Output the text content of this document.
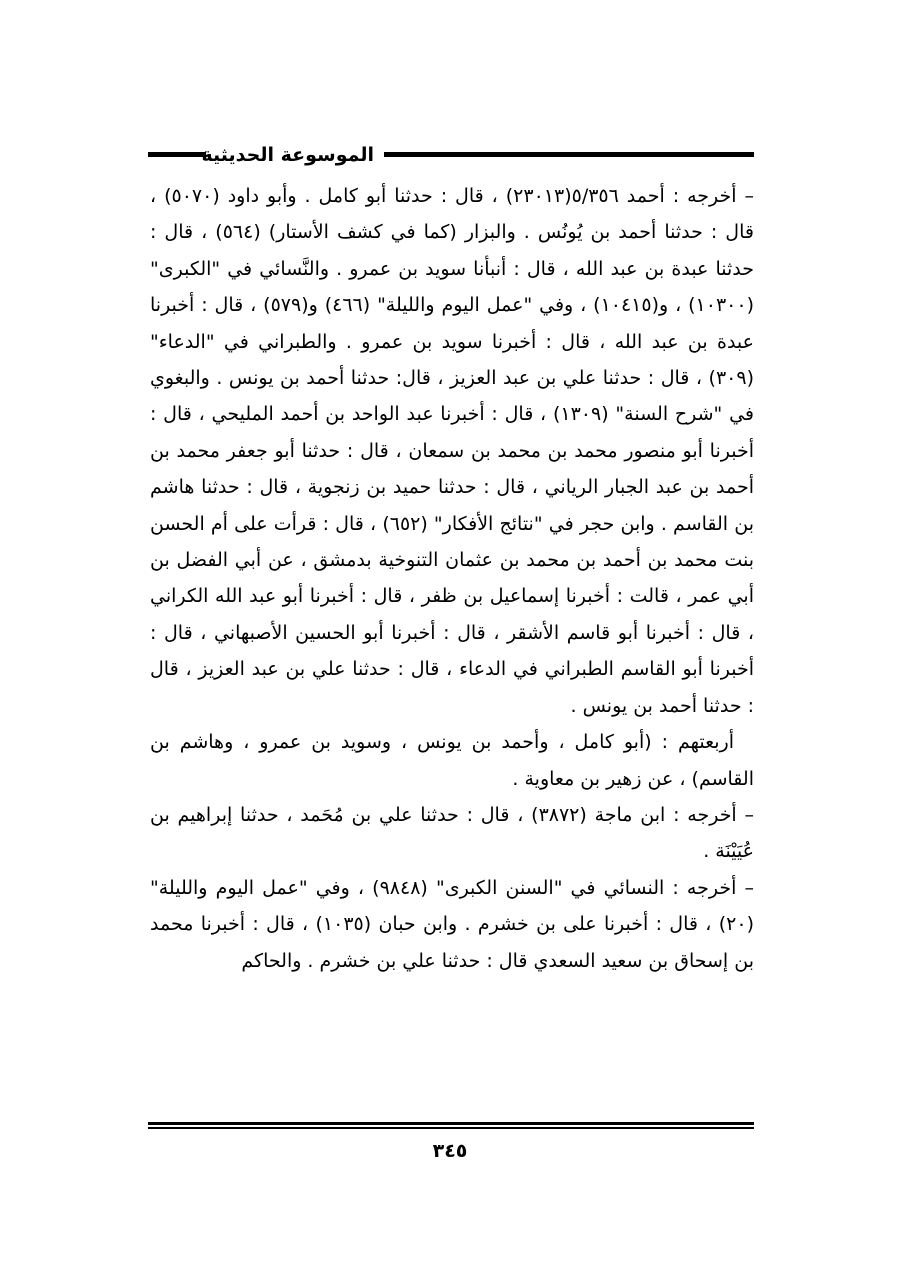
الموسوعة الحديثية

– أخرجه : أحمد ٥/٣٥٦(٢٣٠١٣) ، قال : حدثنا أبو كامل . وأبو داود (٥٠٧٠) ، قال : حدثنا أحمد بن يُونُس . والبزار (كما في كشف الأستار) (٥٦٤) ، قال : حدثنا عبدة بن عبد الله ، قال : أنبأنا سويد بن عمرو . والنَّسائي في "الكبرى" (١٠٣٠٠) ، و(١٠٤١٥) ، وفي "عمل اليوم والليلة" (٤٦٦) و(٥٧٩) ، قال : أخبرنا عبدة بن عبد الله ، قال : أخبرنا سويد بن عمرو . والطبراني في "الدعاء" (٣٠٩) ، قال : حدثنا علي بن عبد العزيز ، قال: حدثنا أحمد بن يونس . والبغوي في "شرح السنة" (١٣٠٩) ، قال : أخبرنا عبد الواحد بن أحمد المليحي ، قال : أخبرنا أبو منصور محمد بن محمد بن سمعان ، قال : حدثنا أبو جعفر محمد بن أحمد بن عبد الجبار الرياني ، قال : حدثنا حميد بن زنجوية ، قال : حدثنا هاشم بن القاسم . وابن حجر في "نتائج الأفكار" (٦٥٢) ، قال : قرأت على أم الحسن بنت محمد بن أحمد بن محمد بن عثمان التنوخية بدمشق ، عن أبي الفضل بن أبي عمر ، قالت : أخبرنا إسماعيل بن ظفر ، قال : أخبرنا أبو عبد الله الكراني ، قال : أخبرنا أبو قاسم الأشقر ، قال : أخبرنا أبو الحسين الأصبهاني ، قال : أخبرنا أبو القاسم الطبراني في الدعاء ، قال : حدثنا علي بن عبد العزيز ، قال : حدثنا أحمد بن يونس .

أربعتهم : (أبو كامل ، وأحمد بن يونس ، وسويد بن عمرو ، وهاشم بن القاسم) ، عن زهير بن معاوية .

– أخرجه : ابن ماجة (٣٨٧٢) ، قال : حدثنا علي بن مُحَمد ، حدثنا إبراهيم بن عُيَيْنَة .

– أخرجه : النسائي في "السنن الكبرى" (٩٨٤٨) ، وفي "عمل اليوم والليلة" (٢٠) ، قال : أخبرنا على بن خشرم . وابن حبان (١٠٣٥) ، قال : أخبرنا محمد بن إسحاق بن سعيد السعدي قال : حدثنا علي بن خشرم . والحاكم

٣٤٥
